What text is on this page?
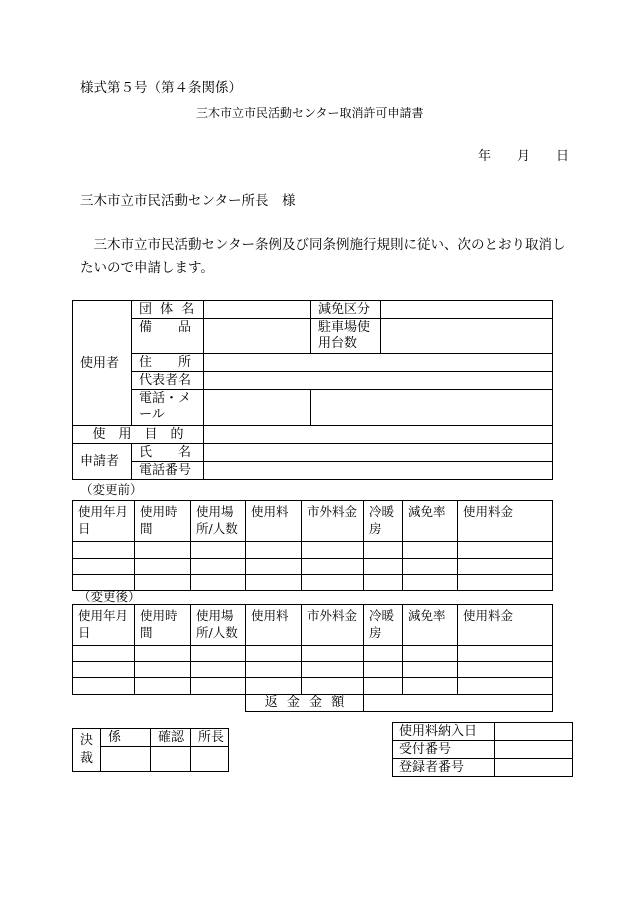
様式第５号（第４条関係）
三木市立市民活動センター取消許可申請書
年　　月　　日
三木市立市民活動センター所長　様
　三木市立市民活動センター条例及び同条例施行規則に従い、次のとおり取消し
たいので申請します。
使用者	団 体 名		減免区分	
	備　　品		駐車場使用台数	
	住　　所			
	代表者名			
	電話・メール			
使　用　目　的				
申請者	氏　　名			
	電話番号			
（変更前）
使用年月日	使用時間	使用場所/人数	使用料	市外料金	冷暖房	減免率	使用料金

（変更後）
使用年月日	使用時間	使用場所/人数	使用料	市外料金	冷暖房	減免率	使用料金

			返 金 金 額				
決裁	係	確認	所長
			使用料納入日	
受付番号	
登録者番号	
